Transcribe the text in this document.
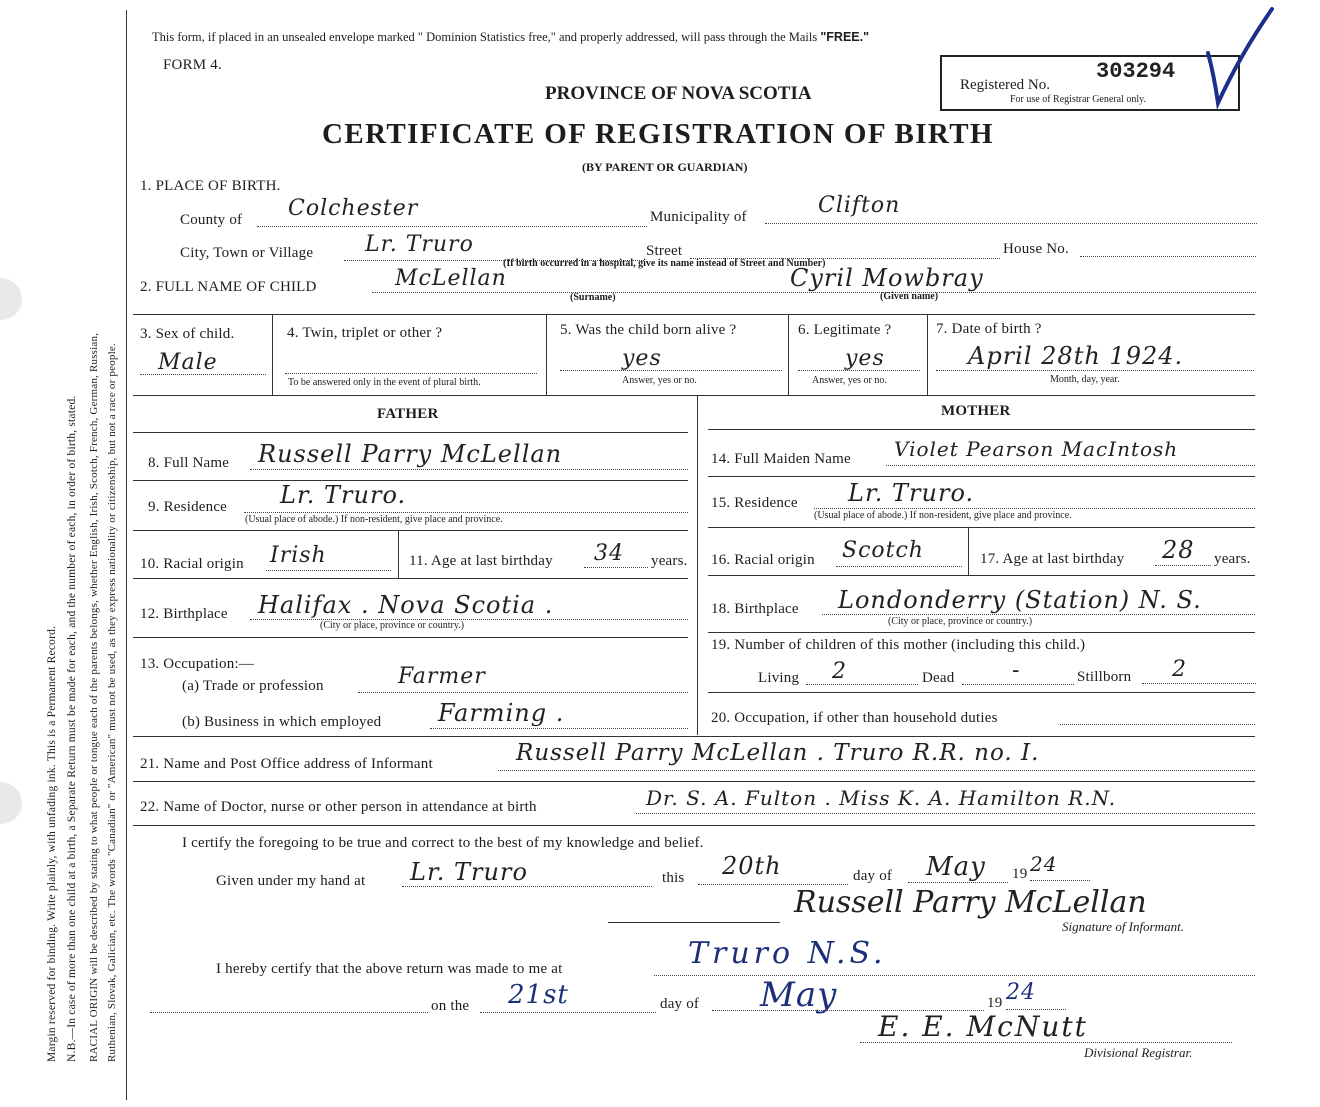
Margin reserved for binding. Write plainly, with unfading ink. This is a Permanent Record. N.B.—In case of more than one child at a birth, a Separate Return must be made for each, and the number of each, in order of birth, stated. RACIAL ORIGIN will be described by stating to what people or tongue each of the parents belongs, whether English, Irish, Scotch, French, German, Russian, Ruthenian, Slovak, Galician, etc. The words "Canadian" or "American" must not be used, as they express nationality or citizenship, but not a race or people.
This form, if placed in an unsealed envelope marked " Dominion Statistics free," and properly addressed, will pass through the Mails "FREE."
FORM 4.
PROVINCE OF NOVA SCOTIA
CERTIFICATE OF REGISTRATION OF BIRTH
(BY PARENT OR GUARDIAN)
Registered No.
303294
For use of Registrar General only.
1. PLACE OF BIRTH.
County of Colchester	Municipality of	Clifton
City, Town or Village Lr. Truro	Street
(If birth occurred in a hospital, give its name instead of Street and Number)
House No.
2. FULL NAME OF CHILD	McLellan
(Surname)
Cyril Mowbray
(Given name)
3. Sex of child.
Male
4. Twin, triplet or other ?
To be answered only in the event of plural birth.
5. Was the child born alive ?
yes
Answer, yes or no.
6. Legitimate ?
yes
Answer, yes or no.
7. Date of birth ?
April 28th 1924.
Month, day, year.
FATHER	MOTHER
8. Full Name Russell Parry McLellan
9. Residence Lr. Truro.
(Usual place of abode.) If non-resident, give place and province.
10. Racial origin Irish	11. Age at last birthday 34 years.
12. Birthplace Halifax . Nova Scotia .
(City or place, province or country.)
13. Occupation:—
(a) Trade or profession	Farmer
(b) Business in which employed Farming .
14. Full Maiden Name Violet Pearson MacIntosh
15. Residence Lr. Truro.
(Usual place of abode.) If non-resident, give place and province.
16. Racial origin Scotch	17. Age at last birthday 28 years.
18. Birthplace Londonderry (Station) N. S.
(City or place, province or country.)
19. Number of children of this mother (including this child.)
Living 2	Dead	-	Stillborn 2
20. Occupation, if other than household duties
21. Name and Post Office address of Informant	Russell Parry McLellan . Truro R.R. no. I.
22. Name of Doctor, nurse or other person in attendance at birth	Dr. S. A. Fulton . Miss K. A. Hamilton R.N.
I certify the foregoing to be true and correct to the best of my knowledge and belief.
Given under my hand at Lr. Truro	this 20th	day of May 19 24
Russell Parry McLellan
Signature of Informant.
I hereby certify that the above return was made to me at	Truro N.S.
on the 21st	day of May	19 24
E. E. McNutt
Divisional Registrar.
